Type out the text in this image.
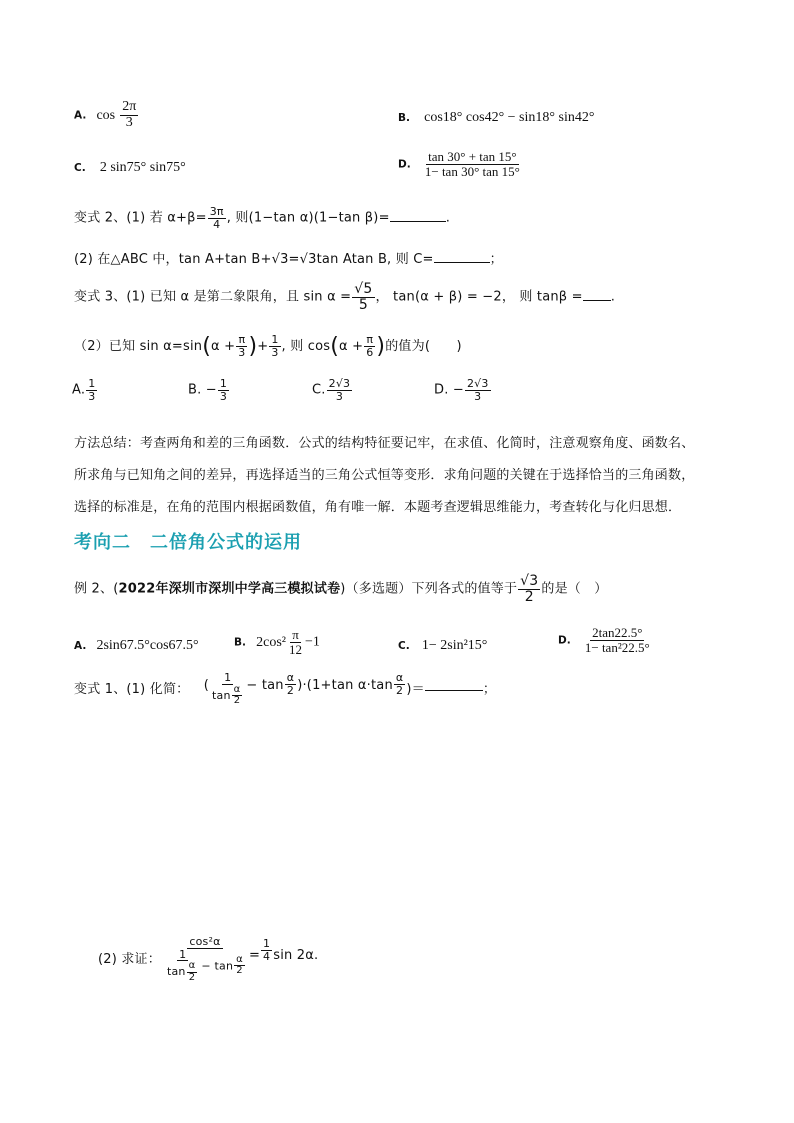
A. $\cos \frac{2\pi}{3}$	B. cos18° cos42° − sin18° sin42°
C. 2 sin75° sin75°	D. $\frac{\tan 30^\circ + \tan 15^\circ}{1- \tan 30^\circ \tan 15^\circ}$
变式 2、(1) 若 $\alpha+\beta= \frac{3\pi}{4}$ , 则(1−tan α)(1−tan β)=	.
(2) 在△ABC 中，tan A+tan B+√3=√3tan Atan B, 则 C=	；
变式 3、(1) 已知 α 是第二象限角，且 $\sin \alpha = \frac{√5}{5}$ ， tan(α + β) = −2， 则 tanβ = .
（2）已知 $\sin \alpha=\sin(\alpha + \frac{\pi}{3}$ )+ $\frac{1}{3}$ , 则 $\cos(\alpha + \frac{\pi}{6}$ )的值为(　　)
A. $\frac{1}{3}$	B. − $\frac{1}{3}$	C. $\frac{2√3}{3}$	D. − $\frac{2√3}{3}$
方法总结：考查两角和差的三角函数．公式的结构特征要记牢，在求值、化简时，注意观察角度、函数名、
所求角与已知角之间的差异，再选择适当的三角公式恒等变形．求角问题的关键在于选择恰当的三角函数，
选择的标准是，在角的范围内根据函数值，角有唯一解．本题考查逻辑思维能力，考查转化与化归思想．
考向二　二倍角公式的运用
例 2、(2022年深圳市深圳中学高三模拟试卷)（多选题）下列各式的值等于 $\frac{√3}{2}$ 的是（　）
A. 2sin67.5°cos67.5°	B. $2\cos^2 \frac{\pi}{12} -1$	C. 1− 2sin²15°	D. $\frac{2\tan 22.5^\circ}{\text{1− tan²22.5°}}$
变式 1、(1) 化简： ( $\frac{1}{\tan \frac{\alpha}{2}} - \tan \frac{\alpha}{2} )\cdot(1+\tan$ $\alpha\cdot\tan \frac{\alpha}{2}$ )＝	；
(2) 求证： $\frac{\text{cos²α}}{\frac{1}{\tan \frac{\alpha}{2}} - \tan \frac{\alpha}{2}} = \frac{1}{4}$ sin 2α.
